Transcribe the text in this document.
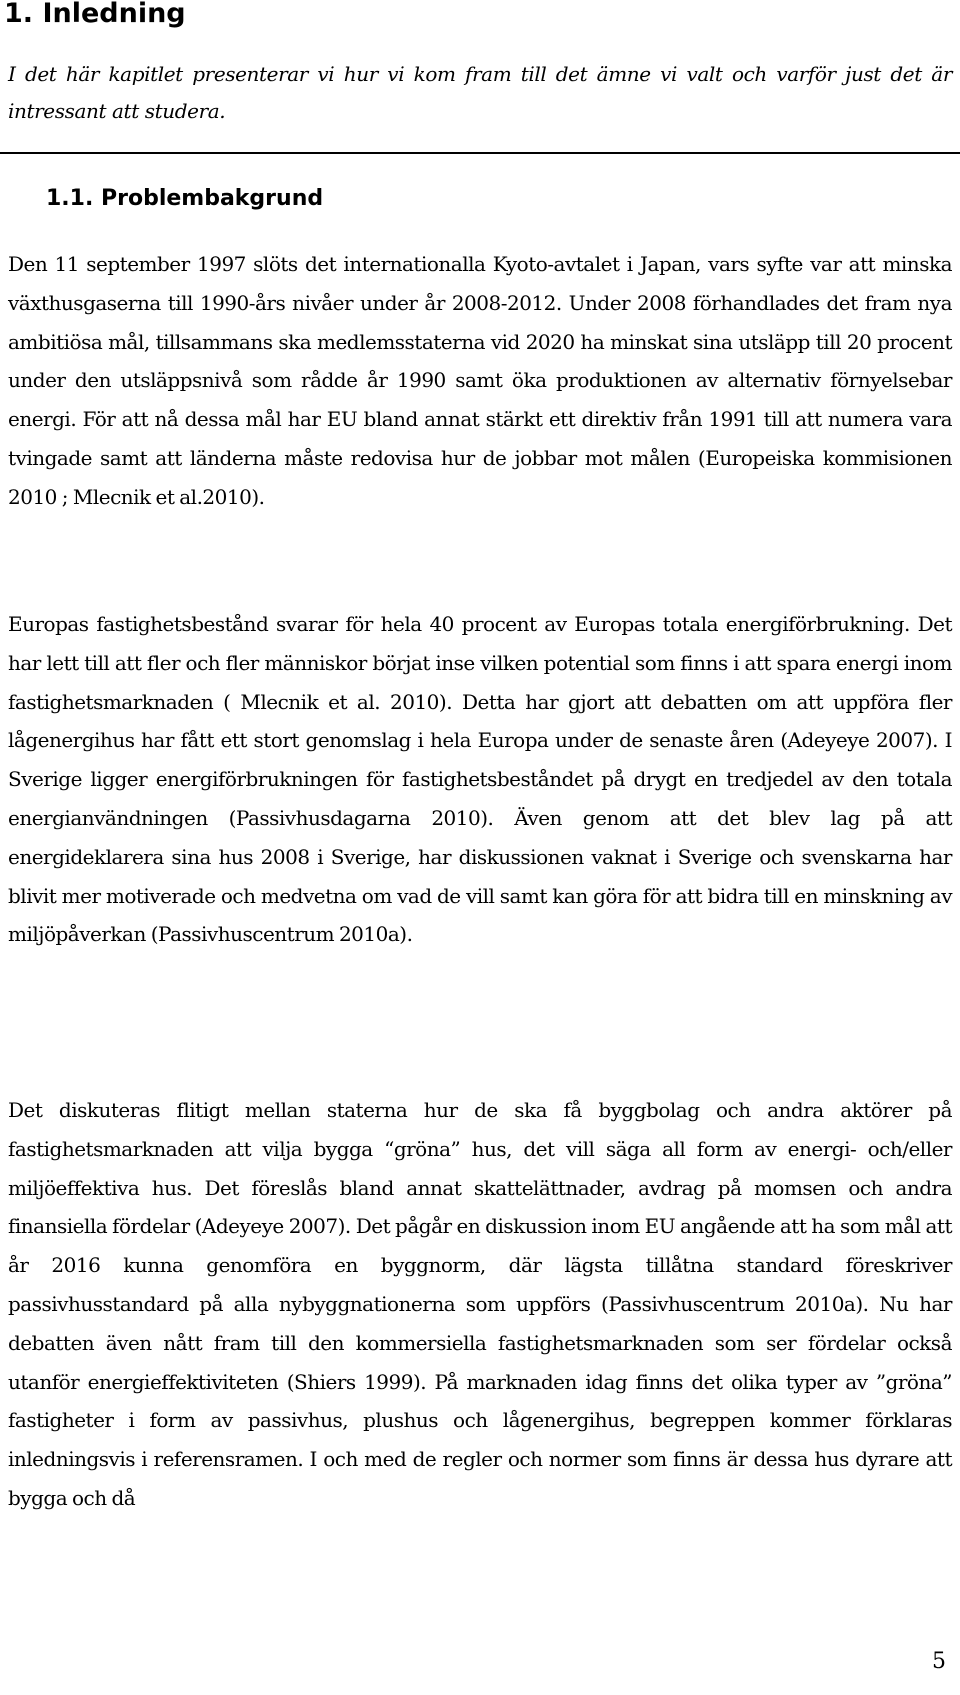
1. Inledning

I det här kapitlet presenterar vi hur vi kom fram till det ämne vi valt och varför just det är intressant att studera.

1.1. Problembakgrund

Den 11 september 1997 slöts det internationalla Kyoto-avtalet i Japan, vars syfte var att minska växthusgaserna till 1990-års nivåer under år 2008-2012. Under 2008 förhandlades det fram nya ambitiösa mål, tillsammans ska medlemsstaterna vid 2020 ha minskat sina utsläpp till 20 procent under den utsläppsnivå som rådde år 1990 samt öka produktionen av alternativ förnyelsebar energi. För att nå dessa mål har EU bland annat stärkt ett direktiv från 1991 till att numera vara tvingade samt att länderna måste redovisa hur de jobbar mot målen (Europeiska kommisionen 2010 ; Mlecnik et al.2010).

Europas fastighetsbestånd svarar för hela 40 procent av Europas totala energiförbrukning. Det har lett till att fler och fler människor börjat inse vilken potential som finns i att spara energi inom fastighetsmarknaden ( Mlecnik et al. 2010). Detta har gjort att debatten om att uppföra fler lågenergihus har fått ett stort genomslag i hela Europa under de senaste åren (Adeyeye 2007). I Sverige ligger energiförbrukningen för fastighetsbeståndet på drygt en tredjedel av den totala energianvändningen (Passivhusdagarna 2010). Även genom att det blev lag på att energideklarera sina hus 2008 i Sverige, har diskussionen vaknat i Sverige och svenskarna har blivit mer motiverade och medvetna om vad de vill samt kan göra för att bidra till en minskning av miljöpåverkan (Passivhuscentrum 2010a).

Det diskuteras flitigt mellan staterna hur de ska få byggbolag och andra aktörer på fastighetsmarknaden att vilja bygga “gröna” hus, det vill säga all form av energi- och/eller miljöeffektiva hus. Det föreslås bland annat skattelättnader, avdrag på momsen och andra finansiella fördelar (Adeyeye 2007). Det pågår en diskussion inom EU angående att ha som mål att år 2016 kunna genomföra en byggnorm, där lägsta tillåtna standard föreskriver passivhusstandard på alla nybyggnationerna som uppförs (Passivhuscentrum 2010a). Nu har debatten även nått fram till den kommersiella fastighetsmarknaden som ser fördelar också utanför energieffektiviteten (Shiers 1999). På marknaden idag finns det olika typer av ”gröna” fastigheter i form av passivhus, plushus och lågenergihus, begreppen kommer förklaras inledningsvis i referensramen. I och med de regler och normer som finns är dessa hus dyrare att bygga och då

5
